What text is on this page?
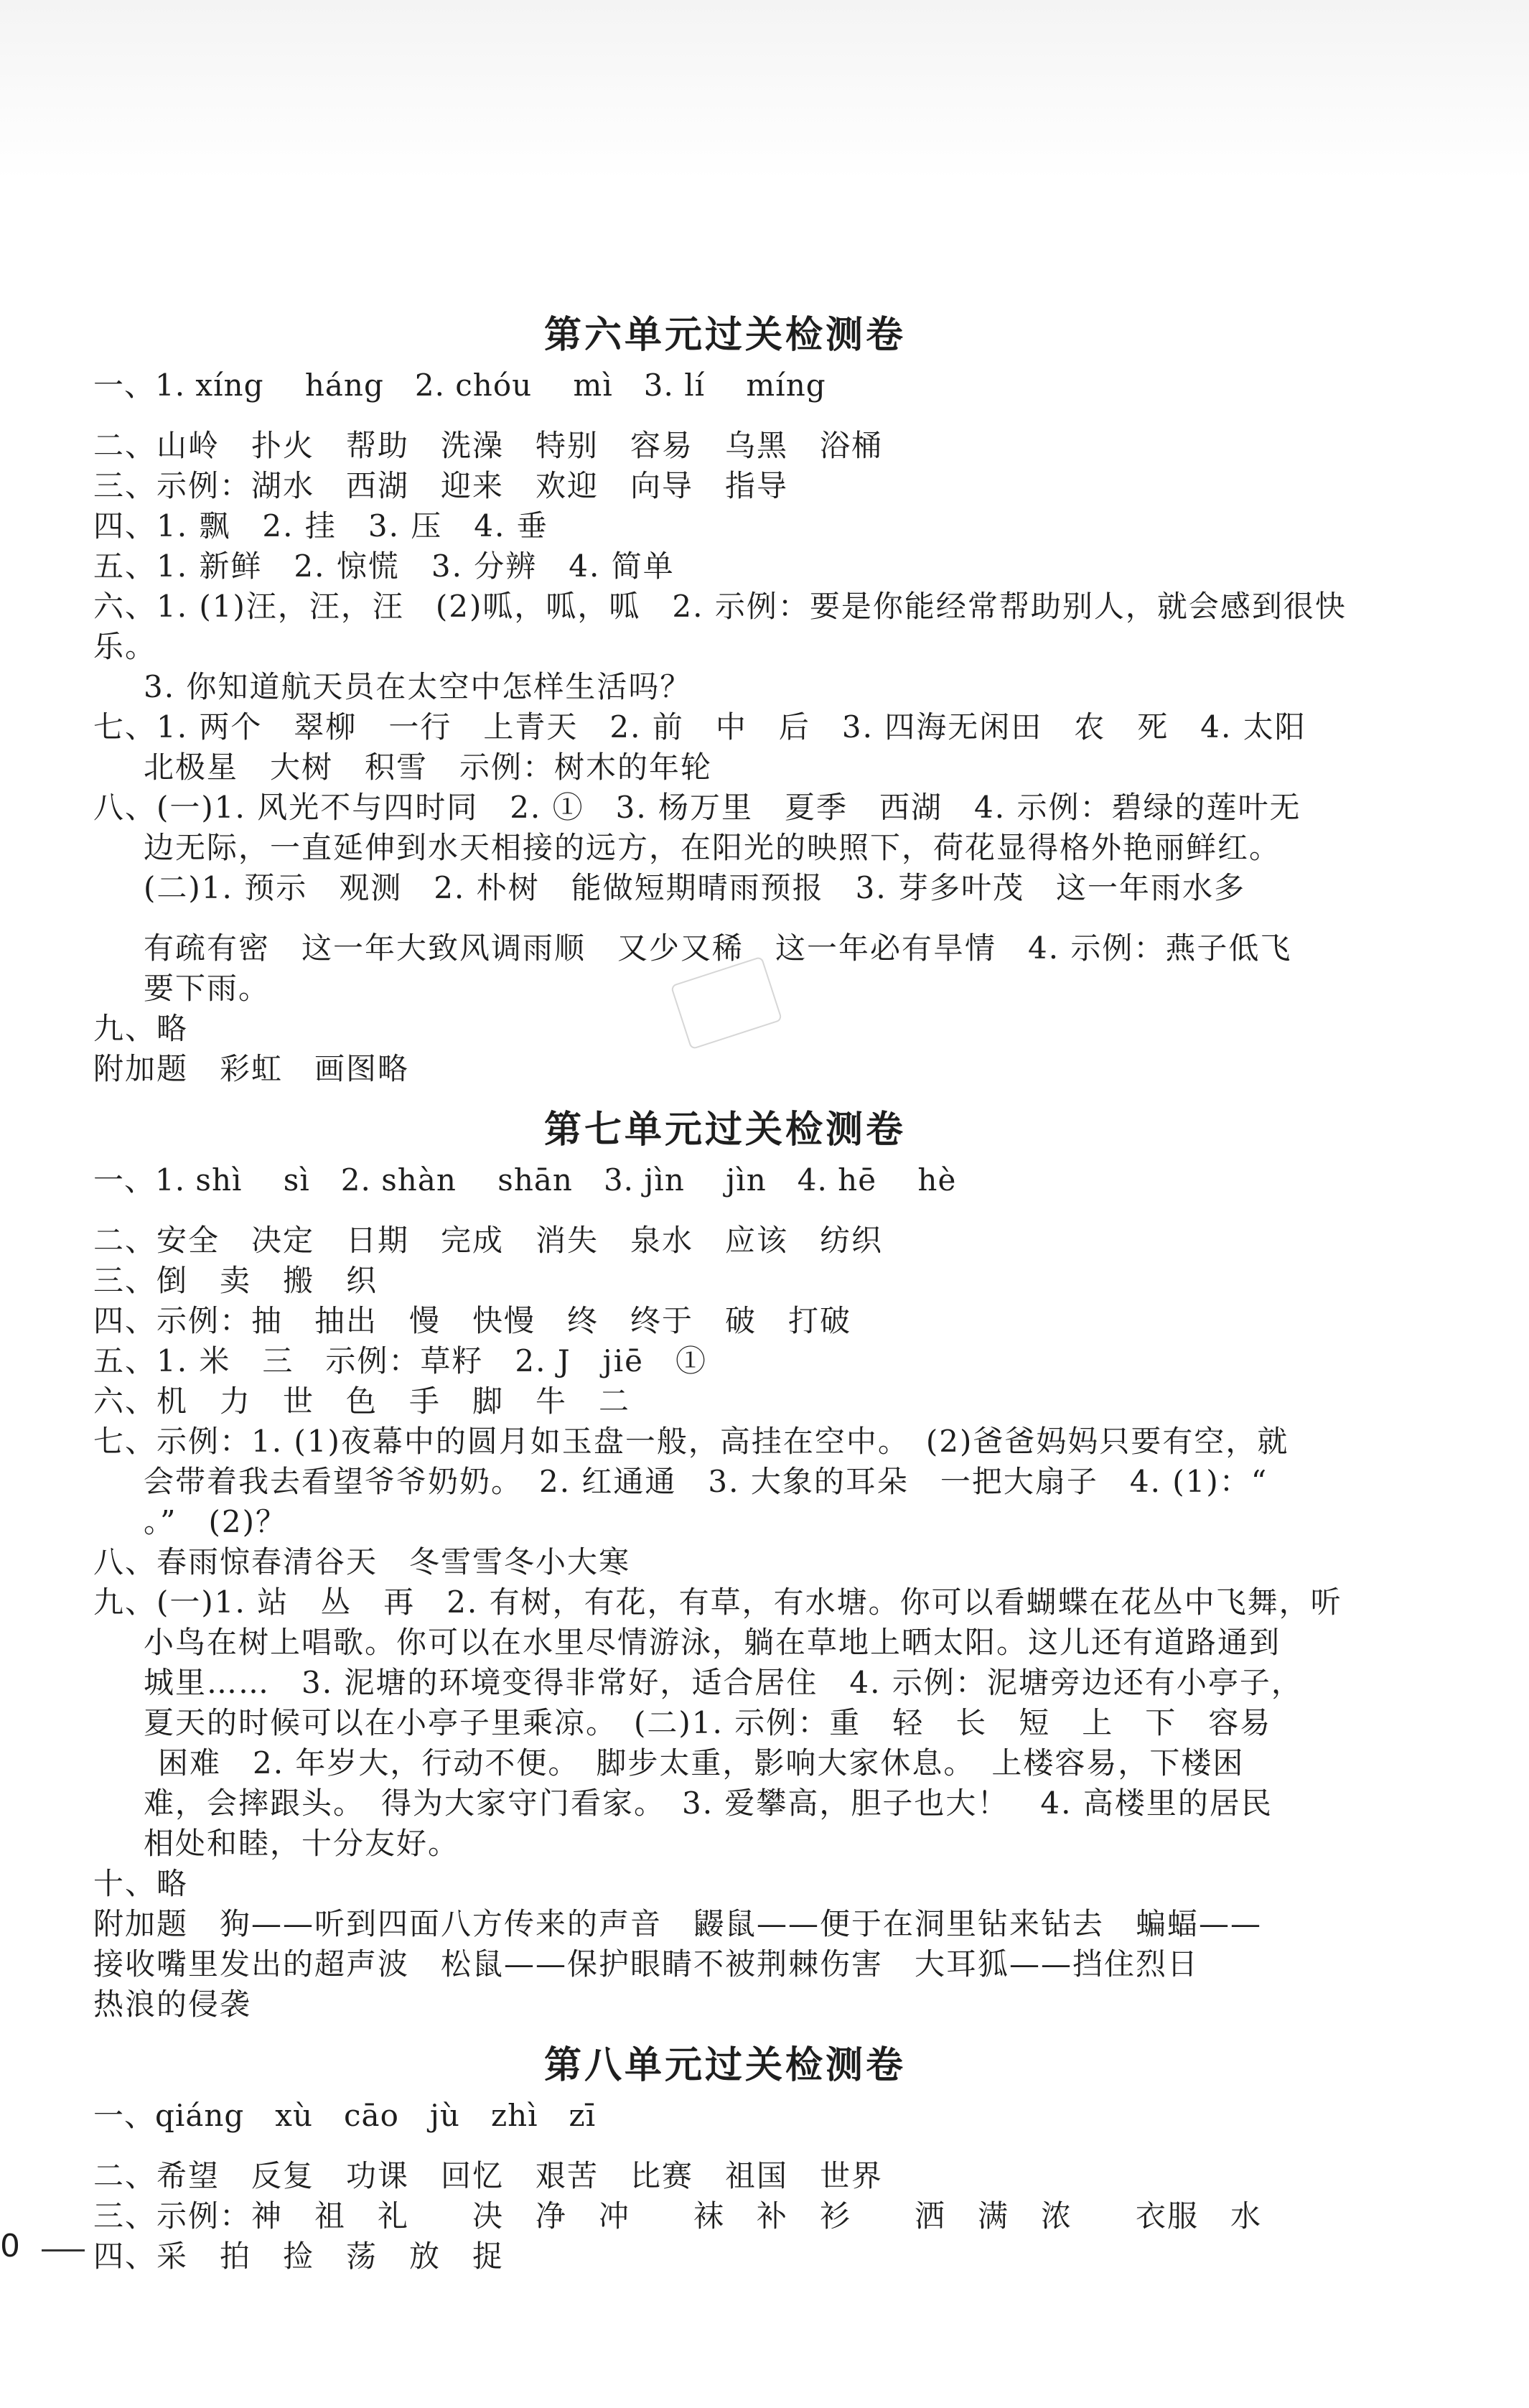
第六单元过关检测卷
一、1. xíng　 háng　2. chóu　 mì　3. lí　 míng
二、山岭　扑火　帮助　洗澡　特别　容易　乌黑　浴桶
三、示例：湖水　西湖　迎来　欢迎　向导　指导
四、1. 飘　2. 挂　3. 压　4. 垂
五、1. 新鲜　2. 惊慌　3. 分辨　4. 简单
六、1. (1)汪，汪，汪　(2)呱，呱，呱　2. 示例：要是你能经常帮助别人，就会感到很快乐。
3. 你知道航天员在太空中怎样生活吗？
七、1. 两个　翠柳　一行　上青天　2. 前　中　后　3. 四海无闲田　农　死　4. 太阳
北极星　大树　积雪　示例：树木的年轮
八、(一)1. 风光不与四时同　2. ①　3. 杨万里　夏季　西湖　4. 示例：碧绿的莲叶无
边无际，一直延伸到水天相接的远方，在阳光的映照下，荷花显得格外艳丽鲜红。
(二)1. 预示　观测　2. 朴树　能做短期晴雨预报　3. 芽多叶茂　这一年雨水多
有疏有密　这一年大致风调雨顺　又少又稀　这一年必有旱情　4. 示例：燕子低飞
要下雨。
九、略
附加题　彩虹　画图略
第七单元过关检测卷
一、1. shì　 sì　2. shàn　 shān　3. jìn　 jìn　4. hē　 hè
二、安全　决定　日期　完成　消失　泉水　应该　纺织
三、倒　卖　搬　织
四、示例：抽　抽出　慢　快慢　终　终于　破　打破
五、1. 米　三　示例：草籽　2. J　jiē　①
六、机　力　世　色　手　脚　牛　二
七、示例：1. (1)夜幕中的圆月如玉盘一般，高挂在空中。　(2)爸爸妈妈只要有空，就
会带着我去看望爷爷奶奶。　2. 红通通　3. 大象的耳朵　一把大扇子　4. (1)：“
。”　(2)？
八、春雨惊春清谷天　冬雪雪冬小大寒
九、(一)1. 站　丛　再　2. 有树，有花，有草，有水塘。你可以看蝴蝶在花丛中飞舞，听
小鸟在树上唱歌。你可以在水里尽情游泳，躺在草地上晒太阳。这儿还有道路通到
城里……　3. 泥塘的环境变得非常好，适合居住　4. 示例：泥塘旁边还有小亭子，
夏天的时候可以在小亭子里乘凉。　(二)1. 示例：重　轻　长　短　上　下　容易
困难　2. 年岁大，行动不便。　脚步太重，影响大家休息。　上楼容易，下楼困
难，会摔跟头。　得为大家守门看家。　3. 爱攀高，胆子也大！　4. 高楼里的居民
相处和睦，十分友好。
十、略
附加题　狗——听到四面八方传来的声音　鼹鼠——便于在洞里钻来钻去　蝙蝠——
接收嘴里发出的超声波　松鼠——保护眼睛不被荆棘伤害　大耳狐——挡住烈日
热浪的侵袭
第八单元过关检测卷
一、qiáng　xù　cāo　jù　zhì　zī
二、希望　反复　功课　回忆　艰苦　比赛　祖国　世界
三、示例：神　祖　礼　　决　净　冲　　袜　补　衫　　洒　满　浓　　衣服　水
四、采　拍　捡　荡　放　捉
0
